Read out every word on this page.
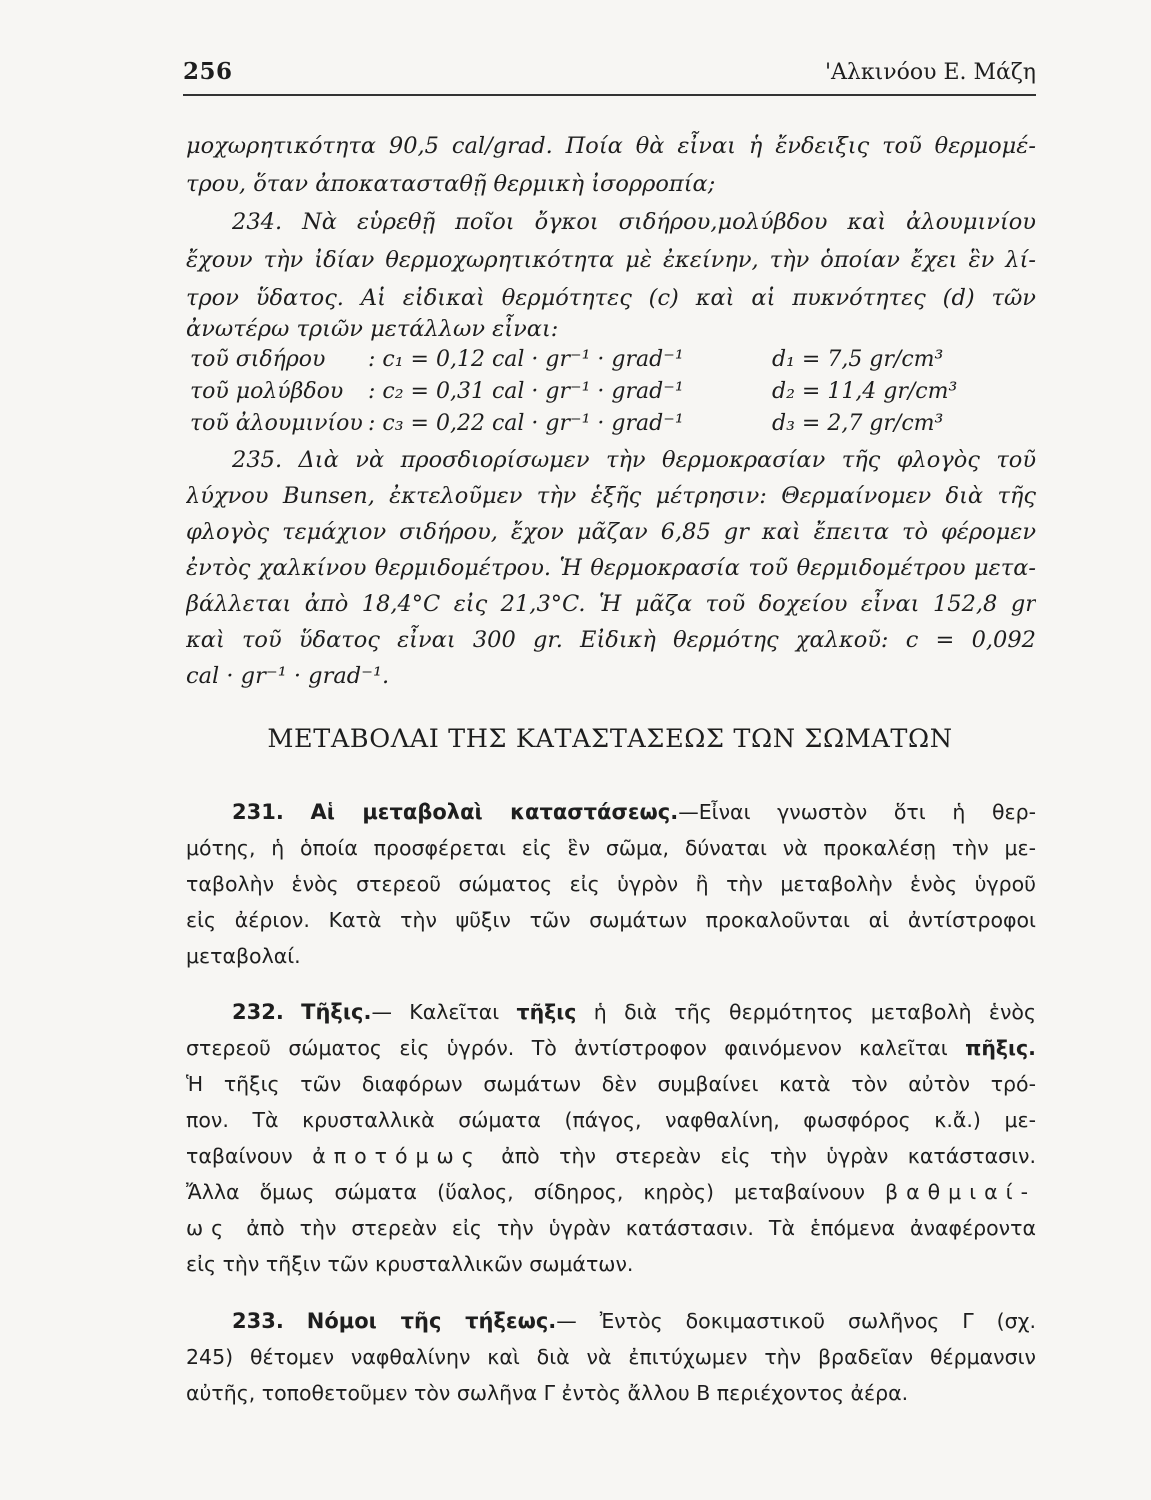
256	'Αλκινόου Ε. Μάζη
μοχωρητικότητα 90,5 cal/grad. Ποία θὰ εἶναι ἡ ἔνδειξις τοῦ θερμομέ-
τρου, ὅταν ἀποκατασταθῇ θερμικὴ ἰσορροπία;
234. Νὰ εὑρεθῇ ποῖοι ὄγκοι σιδήρου,μολύβδου καὶ ἀλουμινίου
ἔχουν τὴν ἰδίαν θερμοχωρητικότητα μὲ ἐκείνην, τὴν ὁποίαν ἔχει ἓν λί-
τρον ὕδατος. Αἱ εἰδικαὶ θερμότητες (c) καὶ αἱ πυκνότητες (d) τῶν
ἀνωτέρω τριῶν μετάλλων εἶναι:
τοῦ σιδήρου : c₁ = 0,12 cal · gr⁻¹ · grad⁻¹	d₁ = 7,5 gr/cm³
τοῦ μολύβδου : c₂ = 0,31 cal · gr⁻¹ · grad⁻¹	d₂ = 11,4 gr/cm³
τοῦ ἀλουμινίου : c₃ = 0,22 cal · gr⁻¹ · grad⁻¹	d₃ = 2,7 gr/cm³
235. Διὰ νὰ προσδιορίσωμεν τὴν θερμοκρασίαν τῆς φλογὸς τοῦ
λύχνου Bunsen, ἐκτελοῦμεν τὴν ἑξῆς μέτρησιν: Θερμαίνομεν διὰ τῆς
φλογὸς τεμάχιον σιδήρου, ἔχον μᾶζαν 6,85 gr καὶ ἔπειτα τὸ φέρομεν
ἐντὸς χαλκίνου θερμιδομέτρου. Ἡ θερμοκρασία τοῦ θερμιδομέτρου μετα-
βάλλεται ἀπὸ 18,4°C εἰς 21,3°C. Ἡ μᾶζα τοῦ δοχείου εἶναι 152,8 gr
καὶ τοῦ ὕδατος εἶναι 300 gr. Εἰδικὴ θερμότης χαλκοῦ: c = 0,092
cal · gr⁻¹ · grad⁻¹.
ΜΕΤΑΒΟΛΑΙ ΤΗΣ ΚΑΤΑΣΤΑΣΕΩΣ ΤΩΝ ΣΩΜΑΤΩΝ
231. Αἱ μεταβολαὶ καταστάσεως.—Εἶναι γνωστὸν ὅτι ἡ θερ-
μότης, ἡ ὁποία προσφέρεται εἰς ἓν σῶμα, δύναται νὰ προκαλέσῃ τὴν με-
ταβολὴν ἑνὸς στερεοῦ σώματος εἰς ὑγρὸν ἢ τὴν μεταβολὴν ἑνὸς ὑγροῦ
εἰς ἀέριον. Κατὰ τὴν ψῦξιν τῶν σωμάτων προκαλοῦνται αἱ ἀντίστροφοι
μεταβολαί.
232. Τῆξις.— Καλεῖται τῆξις ἡ διὰ τῆς θερμότητος μεταβολὴ ἑνὸς
στερεοῦ σώματος εἰς ὑγρόν. Τὸ ἀντίστροφον φαινόμενον καλεῖται πῆξις.
Ἡ τῆξις τῶν διαφόρων σωμάτων δὲν συμβαίνει κατὰ τὸν αὐτὸν τρό-
πον. Τὰ κρυσταλλικὰ σώματα (πάγος, ναφθαλίνη, φωσφόρος κ.ἄ.) με-
ταβαίνουν ἀποτόμως ἀπὸ τὴν στερεὰν εἰς τὴν ὑγρὰν κατάστασιν.
Ἄλλα ὅμως σώματα (ὕαλος, σίδηρος, κηρὸς) μεταβαίνουν βαθμιαί-
ως ἀπὸ τὴν στερεὰν εἰς τὴν ὑγρὰν κατάστασιν. Τὰ ἑπόμενα ἀναφέροντα
εἰς τὴν τῆξιν τῶν κρυσταλλικῶν σωμάτων.
233. Νόμοι τῆς τήξεως.— Ἐντὸς δοκιμαστικοῦ σωλῆνος Γ (σχ.
245) θέτομεν ναφθαλίνην καὶ διὰ νὰ ἐπιτύχωμεν τὴν βραδεῖαν θέρμανσιν
αὐτῆς, τοποθετοῦμεν τὸν σωλῆνα Γ ἐντὸς ἄλλου Β περιέχοντος ἀέρα.
